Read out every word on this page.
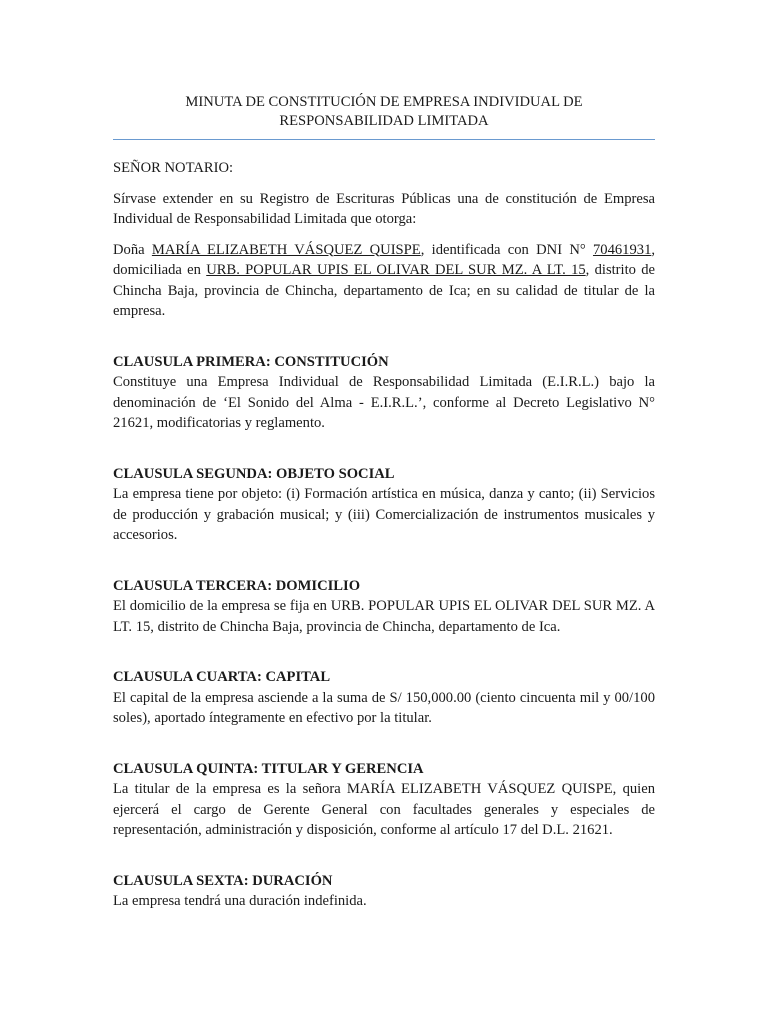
MINUTA DE CONSTITUCIÓN DE EMPRESA INDIVIDUAL DE
RESPONSABILIDAD LIMITADA

SEÑOR NOTARIO:

Sírvase extender en su Registro de Escrituras Públicas una de constitución de Empresa Individual de Responsabilidad Limitada que otorga:

Doña MARÍA ELIZABETH VÁSQUEZ QUISPE, identificada con DNI N° 70461931, domiciliada en URB. POPULAR UPIS EL OLIVAR DEL SUR MZ. A LT. 15, distrito de Chincha Baja, provincia de Chincha, departamento de Ica; en su calidad de titular de la empresa.

CLAUSULA PRIMERA: CONSTITUCIÓN

Constituye una Empresa Individual de Responsabilidad Limitada (E.I.R.L.) bajo la denominación de ‘El Sonido del Alma - E.I.R.L.’, conforme al Decreto Legislativo N° 21621, modificatorias y reglamento.

CLAUSULA SEGUNDA: OBJETO SOCIAL

La empresa tiene por objeto: (i) Formación artística en música, danza y canto; (ii) Servicios de producción y grabación musical; y (iii) Comercialización de instrumentos musicales y accesorios.

CLAUSULA TERCERA: DOMICILIO

El domicilio de la empresa se fija en URB. POPULAR UPIS EL OLIVAR DEL SUR MZ. A LT. 15, distrito de Chincha Baja, provincia de Chincha, departamento de Ica.

CLAUSULA CUARTA: CAPITAL

El capital de la empresa asciende a la suma de S/ 150,000.00 (ciento cincuenta mil y 00/100 soles), aportado íntegramente en efectivo por la titular.

CLAUSULA QUINTA: TITULAR Y GERENCIA

La titular de la empresa es la señora MARÍA ELIZABETH VÁSQUEZ QUISPE, quien ejercerá el cargo de Gerente General con facultades generales y especiales de representación, administración y disposición, conforme al artículo 17 del D.L. 21621.

CLAUSULA SEXTA: DURACIÓN

La empresa tendrá una duración indefinida.
